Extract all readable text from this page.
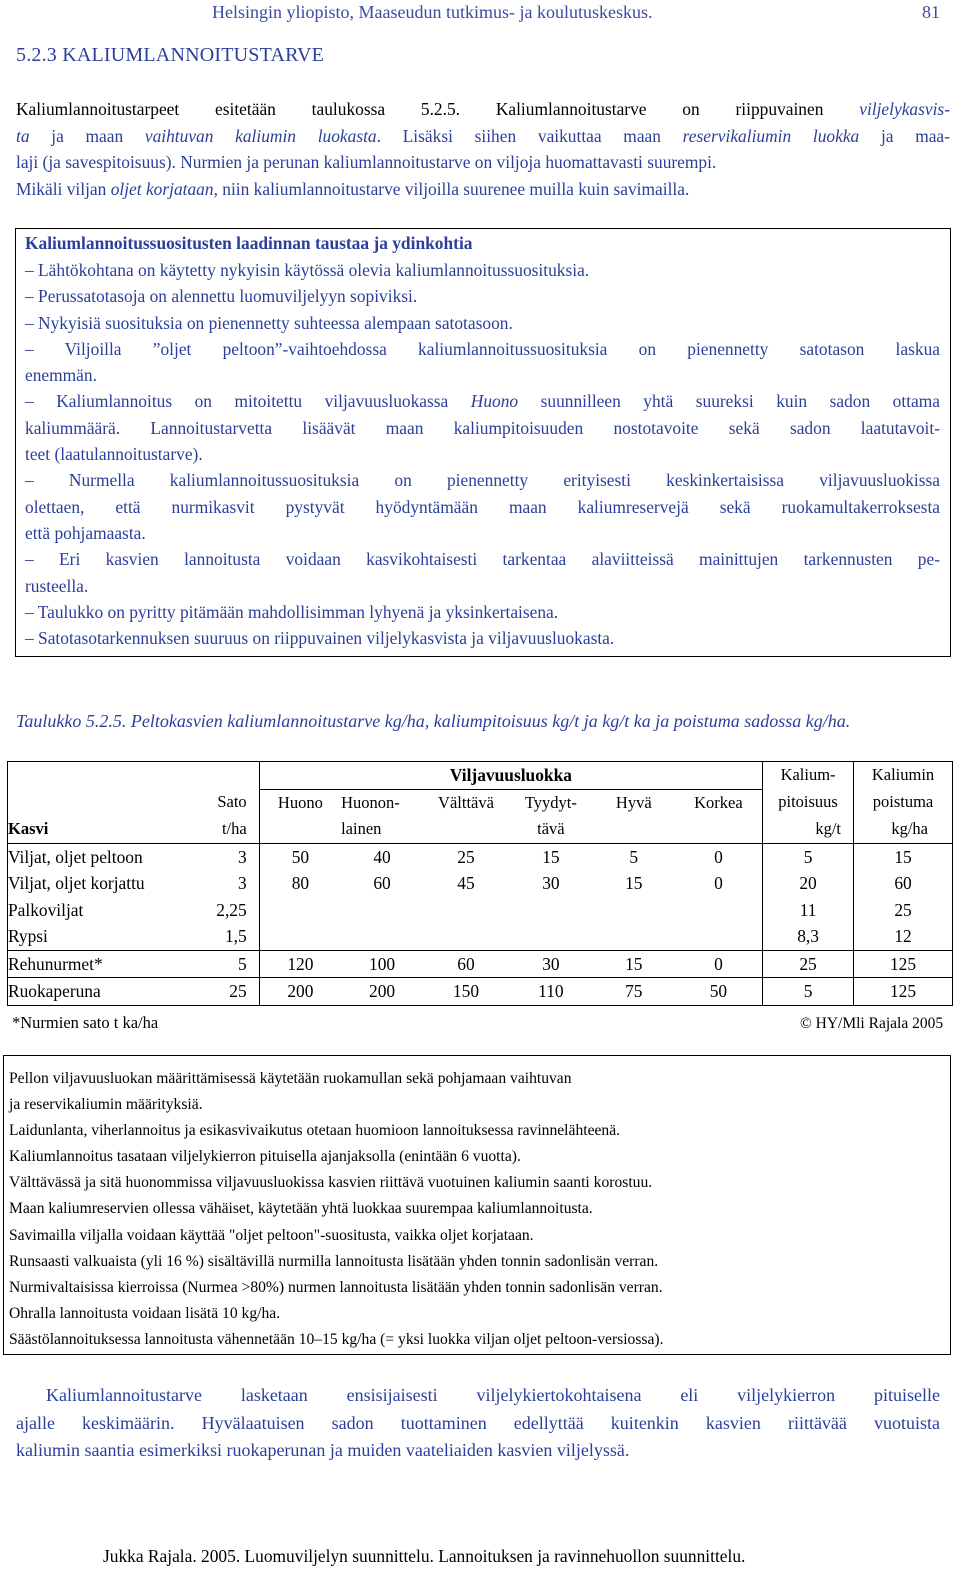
Helsingin yliopisto, Maaseudun tutkimus- ja koulutuskeskus.	81
5.2.3 KALIUMLANNOITUSTARVE
Kaliumlannoitustarpeet esitetään taulukossa 5.2.5. Kaliumlannoitustarve on riippuvainen viljelykasvis-
ta ja maan vaihtuvan kaliumin luokasta. Lisäksi siihen vaikuttaa maan reservikaliumin luokka ja maa-
laji (ja savespitoisuus). Nurmien ja perunan kaliumlannoitustarve on viljoja huomattavasti suurempi.
Mikäli viljan oljet korjataan, niin kaliumlannoitustarve viljoilla suurenee muilla kuin savimailla.
Kaliumlannoitussuositusten laadinnan taustaa ja ydinkohtia
– Lähtökohtana on käytetty nykyisin käytössä olevia kaliumlannoitussuosituksia.
– Perussatotasoja on alennettu luomuviljelyyn sopiviksi.
– Nykyisiä suosituksia on pienennetty suhteessa alempaan satotasoon.
– Viljoilla ”oljet peltoon”-vaihtoehdossa kaliumlannoitussuosituksia on pienennetty satotason laskua
enemmän.
– Kaliumlannoitus on mitoitettu viljavuusluokassa Huono suunnilleen yhtä suureksi kuin sadon ottama
kaliummäärä. Lannoitustarvetta lisäävät maan kaliumpitoisuuden nostotavoite sekä sadon laatutavoit-
teet (laatulannoitustarve).
– Nurmella kaliumlannoitussuosituksia on pienennetty erityisesti keskinkertaisissa viljavuusluokissa
olettaen, että nurmikasvit pystyvät hyödyntämään maan kaliumreservejä sekä ruokamultakerroksesta
että pohjamaasta.
– Eri kasvien lannoitusta voidaan kasvikohtaisesti tarkentaa alaviitteissä mainittujen tarkennusten pe-
rusteella.
– Taulukko on pyritty pitämään mahdollisimman lyhyenä ja yksinkertaisena.
– Satotasotarkennuksen suuruus on riippuvainen viljelykasvista ja viljavuusluokasta.
Taulukko 5.2.5. Peltokasvien kaliumlannoitustarve kg/ha, kaliumpitoisuus kg/t ja kg/t ka ja poistuma sadossa kg/ha.
		Viljavuusluokka						Kalium-	Kaliumin
	Sato	Huono	Huonon-	Välttävä	Tyydyt-	Hyvä	Korkea	pitoisuus	poistuma
Kasvi	t/ha		lainen		tävä			kg/t	kg/ha
Viljat, oljet peltoon	3	50	40	25	15	5	0	5	15
Viljat, oljet korjattu	3	80	60	45	30	15	0	20	60
Palkoviljat	2,25							11	25
Rypsi	1,5							8,3	12
Rehunurmet*	5	120	100	60	30	15	0	25	125
Ruokaperuna	25	200	200	150	110	75	50	5	125
*Nurmien sato t ka/ha	© HY/Mli Rajala 2005
Pellon viljavuusluokan määrittämisessä käytetään ruokamullan sekä pohjamaan vaihtuvan
ja reservikaliumin määrityksiä.
Laidunlanta, viherlannoitus ja esikasvivaikutus otetaan huomioon lannoituksessa ravinnelähteenä.
Kaliumlannoitus tasataan viljelykierron pituisella ajanjaksolla (enintään 6 vuotta).
Välttävässä ja sitä huonommissa viljavuusluokissa kasvien riittävä vuotuinen kaliumin saanti korostuu.
Maan kaliumreservien ollessa vähäiset, käytetään yhtä luokkaa suurempaa kaliumlannoitusta.
Savimailla viljalla voidaan käyttää "oljet peltoon"-suositusta, vaikka oljet korjataan.
Runsaasti valkuaista (yli 16 %) sisältävillä nurmilla lannoitusta lisätään yhden tonnin sadonlisän verran.
Nurmivaltaisissa kierroissa (Nurmea >80%) nurmen lannoitusta lisätään yhden tonnin sadonlisän verran.
Ohralla lannoitusta voidaan lisätä 10 kg/ha.
Säästölannoituksessa lannoitusta vähennetään 10–15 kg/ha (= yksi luokka viljan oljet peltoon-versiossa).
Kaliumlannoitustarve lasketaan ensisijaisesti viljelykiertokohtaisena eli viljelykierron pituiselle
ajalle keskimäärin. Hyvälaatuisen sadon tuottaminen edellyttää kuitenkin kasvien riittävää vuotuista
kaliumin saantia esimerkiksi ruokaperunan ja muiden vaateliaiden kasvien viljelyssä.
Jukka Rajala. 2005. Luomuviljelyn suunnittelu. Lannoituksen ja ravinnehuollon suunnittelu.
